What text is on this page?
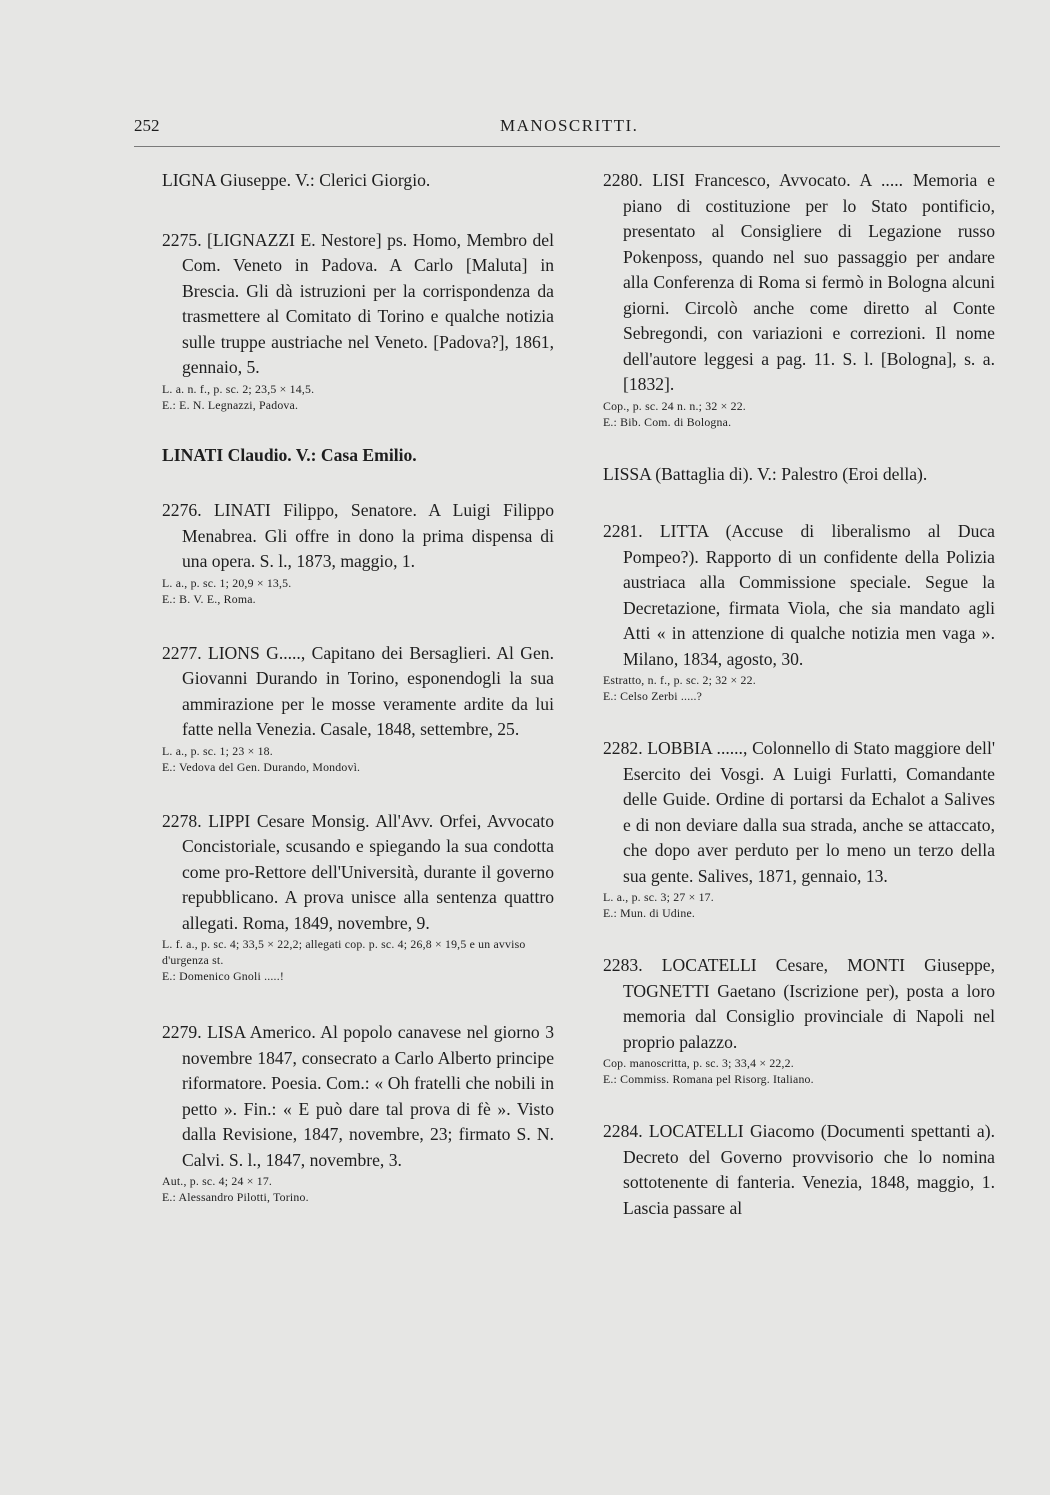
252	MANOSCRITTI.

LIGNA Giuseppe. V.: Clerici Giorgio.

2275. [LIGNAZZI E. Nestore] ps. Homo, Membro del Com. Veneto in Padova. A Carlo [Maluta] in Brescia. Gli dà istruzioni per la corrispondenza da trasmettere al Comitato di Torino e qualche notizia sulle truppe austriache nel Veneto. [Padova?], 1861, gennaio, 5.

L. a. n. f., p. sc. 2; 23,5 × 14,5.

E.: E. N. Legnazzi, Padova.

LINATI Claudio. V.: Casa Emilio.

2276. LINATI Filippo, Senatore. A Luigi Filippo Menabrea. Gli offre in dono la prima dispensa di una opera. S. l., 1873, maggio, 1.

L. a., p. sc. 1; 20,9 × 13,5.

E.: B. V. E., Roma.

2277. LIONS G....., Capitano dei Bersaglieri. Al Gen. Giovanni Durando in Torino, esponendogli la sua ammirazione per le mosse veramente ardite da lui fatte nella Venezia. Casale, 1848, settembre, 25.

L. a., p. sc. 1; 23 × 18.

E.: Vedova del Gen. Durando, Mondovì.

2278. LIPPI Cesare Monsig. All'Avv. Orfei, Avvocato Concistoriale, scusando e spiegando la sua condotta come pro-Rettore dell'Università, durante il governo repubblicano. A prova unisce alla sentenza quattro allegati. Roma, 1849, novembre, 9.

L. f. a., p. sc. 4; 33,5 × 22,2; allegati cop. p. sc. 4; 26,8 × 19,5 e un avviso d'urgenza st.

E.: Domenico Gnoli .....!

2279. LISA Americo. Al popolo canavese nel giorno 3 novembre 1847, consecrato a Carlo Alberto principe riformatore. Poesia. Com.: « Oh fratelli che nobili in petto ». Fin.: « E può dare tal prova di fè ». Visto dalla Revisione, 1847, novembre, 23; firmato S. N. Calvi. S. l., 1847, novembre, 3.

Aut., p. sc. 4; 24 × 17.

E.: Alessandro Pilotti, Torino.

2280. LISI Francesco, Avvocato. A ..... Memoria e piano di costituzione per lo Stato pontificio, presentato al Consigliere di Legazione russo Pokenposs, quando nel suo passaggio per andare alla Conferenza di Roma si fermò in Bologna alcuni giorni. Circolò anche come diretto al Conte Sebregondi, con variazioni e correzioni. Il nome dell'autore leggesi a pag. 11. S. l. [Bologna], s. a. [1832].

Cop., p. sc. 24 n. n.; 32 × 22.

E.: Bib. Com. di Bologna.

LISSA (Battaglia di). V.: Palestro (Eroi della).

2281. LITTA (Accuse di liberalismo al Duca Pompeo?). Rapporto di un confidente della Polizia austriaca alla Commissione speciale. Segue la Decretazione, firmata Viola, che sia mandato agli Atti « in attenzione di qualche notizia men vaga ». Milano, 1834, agosto, 30.

Estratto, n. f., p. sc. 2; 32 × 22.

E.: Celso Zerbi .....?

2282. LOBBIA ......, Colonnello di Stato maggiore dell' Esercito dei Vosgi. A Luigi Furlatti, Comandante delle Guide. Ordine di portarsi da Echalot a Salives e di non deviare dalla sua strada, anche se attaccato, che dopo aver perduto per lo meno un terzo della sua gente. Salives, 1871, gennaio, 13.

L. a., p. sc. 3; 27 × 17.

E.: Mun. di Udine.

2283. LOCATELLI Cesare, MONTI Giuseppe, TOGNETTI Gaetano (Iscrizione per), posta a loro memoria dal Consiglio provinciale di Napoli nel proprio palazzo.

Cop. manoscritta, p. sc. 3; 33,4 × 22,2.

E.: Commiss. Romana pel Risorg. Italiano.

2284. LOCATELLI Giacomo (Documenti spettanti a). Decreto del Governo provvisorio che lo nomina sottotenente di fanteria. Venezia, 1848, maggio, 1. Lascia passare al
